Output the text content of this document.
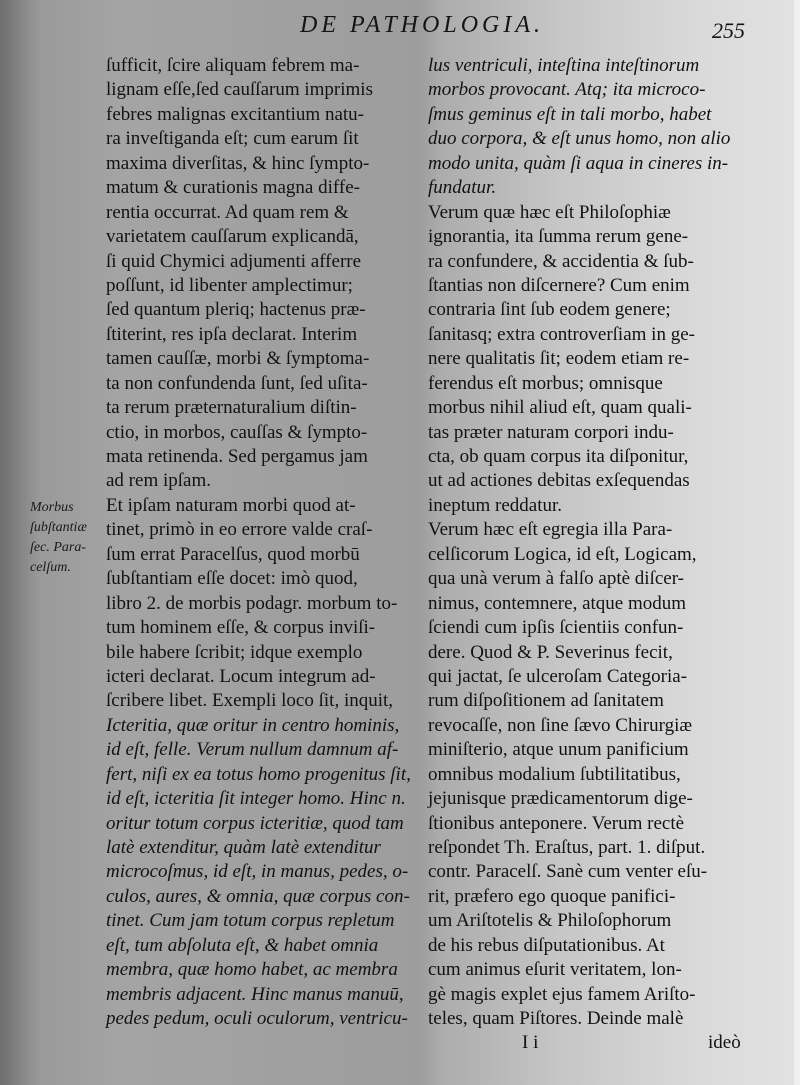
DE PATHOLOGIA.	255
Morbus
ſubſtantiæ
ſec. Para-
celſum.
ſufficit, ſcire aliquam febrem ma-
lignam eſſe,ſed cauſſarum imprimis
febres malignas excitantium natu-
ra inveſtiganda eſt; cum earum ſit
maxima diverſitas, & hinc ſympto-
matum & curationis magna diffe-
rentia occurrat. Ad quam rem &
varietatem cauſſarum explicandā,
ſi quid Chymici adjumenti afferre
poſſunt, id libenter amplectimur;
ſed quantum pleriq; hactenus præ-
ſtiterint, res ipſa declarat. Interim
tamen cauſſæ, morbi & ſymptoma-
ta non confundenda ſunt, ſed uſita-
ta rerum præternaturalium diſtin-
ctio, in morbos, cauſſas & ſympto-
mata retinenda. Sed pergamus jam
ad rem ipſam.
Et ipſam naturam morbi quod at-
tinet, primò in eo errore valde craſ-
ſum errat Paracelſus, quod morbū
ſubſtantiam eſſe docet: imò quod,
libro 2. de morbis podagr. morbum to-
tum hominem eſſe, & corpus inviſi-
bile habere ſcribit; idque exemplo
icteri declarat. Locum integrum ad-
ſcribere libet. Exempli loco ſit, inquit,
Icteritia, quæ oritur in centro hominis,
id eſt, felle. Verum nullum damnum af-
fert, niſi ex ea totus homo progenitus ſit,
id eſt, icteritia ſit integer homo. Hinc n.
oritur totum corpus icteritiæ, quod tam
latè extenditur, quàm latè extenditur
microcoſmus, id eſt, in manus, pedes, o-
culos, aures, & omnia, quæ corpus con-
tinet. Cum jam totum corpus repletum
eſt, tum abſoluta eſt, & habet omnia
membra, quæ homo habet, ac membra
membris adjacent. Hinc manus manuū,
pedes pedum, oculi oculorum, ventricu-
lus ventriculi, inteſtina inteſtinorum
morbos provocant. Atq; ita microco-
ſmus geminus eſt in tali morbo, habet
duo corpora, & eſt unus homo, non alio
modo unita, quàm ſi aqua in cineres in-
fundatur.
Verum quæ hæc eſt Philoſophiæ
ignorantia, ita ſumma rerum gene-
ra confundere, & accidentia & ſub-
ſtantias non diſcernere? Cum enim
contraria ſint ſub eodem genere;
ſanitasq; extra controverſiam in ge-
nere qualitatis ſit; eodem etiam re-
ferendus eſt morbus; omnisque
morbus nihil aliud eſt, quam quali-
tas præter naturam corpori indu-
cta, ob quam corpus ita diſponitur,
ut ad actiones debitas exſequendas
ineptum reddatur.
Verum hæc eſt egregia illa Para-
celſicorum Logica, id eſt, Logicam,
qua unà verum à falſo aptè diſcer-
nimus, contemnere, atque modum
ſciendi cum ipſis ſcientiis confun-
dere. Quod & P. Severinus fecit,
qui jactat, ſe ulceroſam Categoria-
rum diſpoſitionem ad ſanitatem
revocaſſe, non ſine ſævo Chirurgiæ
miniſterio, atque unum panificium
omnibus modalium ſubtilitatibus,
jejunisque prædicamentorum dige-
ſtionibus anteponere. Verum rectè
reſpondet Th. Eraſtus, part. 1. diſput.
contr. Paracelſ. Sanè cum venter eſu-
rit, præfero ego quoque panifici-
um Ariſtotelis & Philoſophorum
de his rebus diſputationibus. At
cum animus eſurit veritatem, lon-
gè magis explet ejus famem Ariſto-
teles, quam Piſtores. Deinde malè
I i	ideò
